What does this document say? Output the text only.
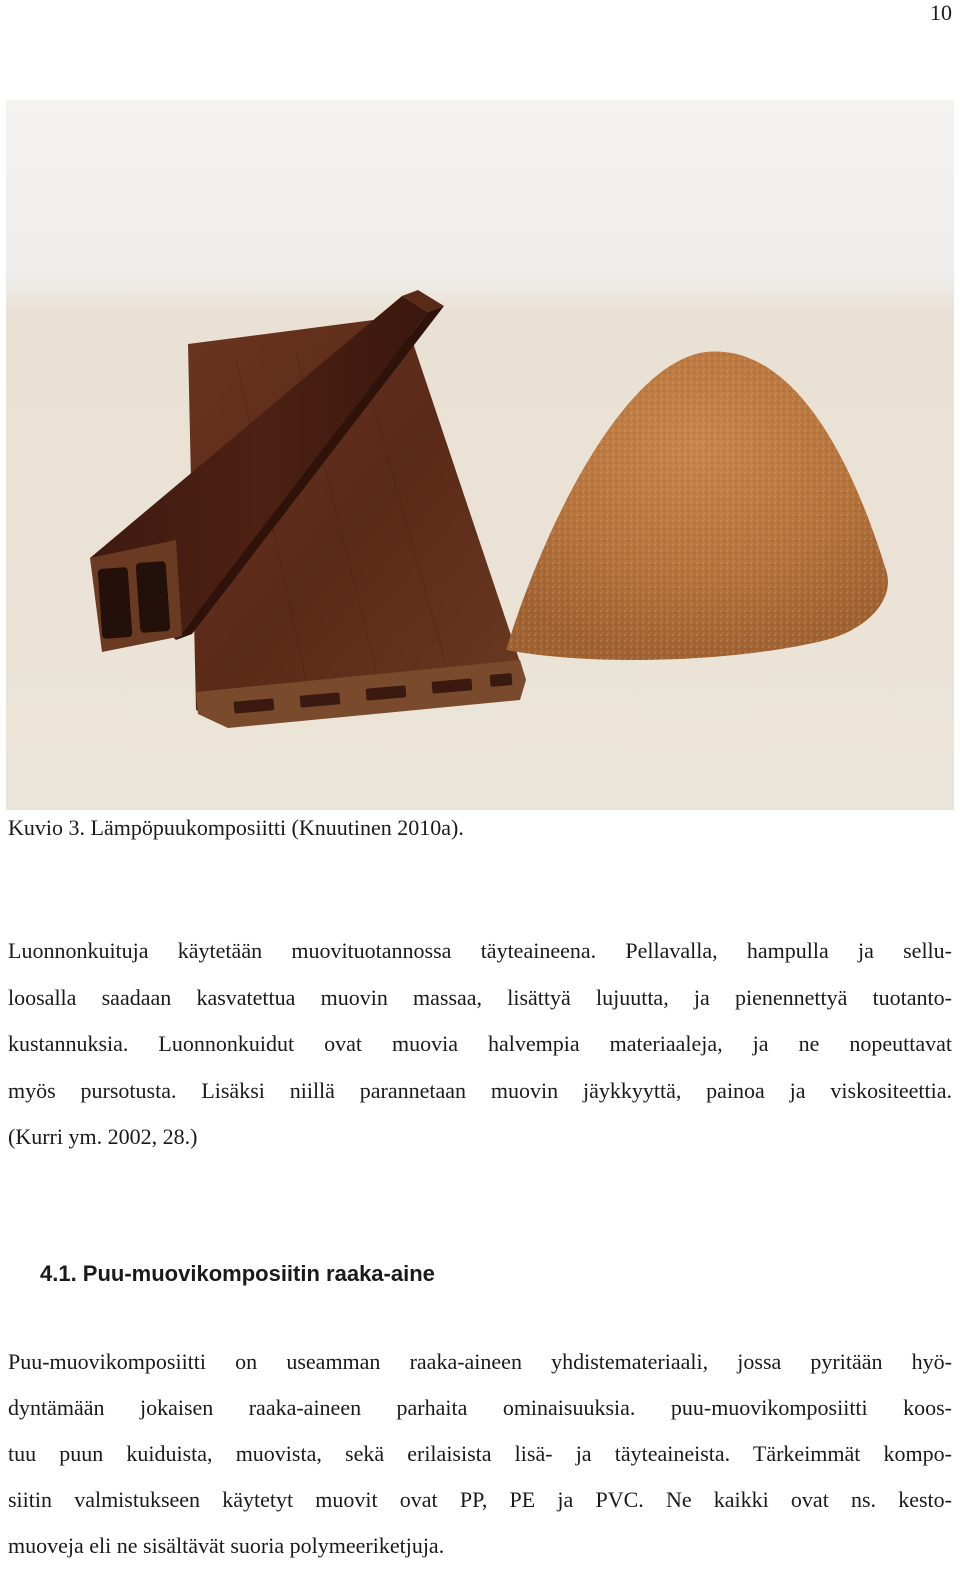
10
Kuvio 3. Lämpöpuukomposiitti (Knuutinen 2010a).
Luonnonkuituja käytetään muovituotannossa täyteaineena. Pellavalla, hampulla ja sellu-
loosalla saadaan kasvatettua muovin massaa, lisättyä lujuutta, ja pienennettyä tuotanto-
kustannuksia. Luonnonkuidut ovat muovia halvempia materiaaleja, ja ne nopeuttavat
myös pursotusta. Lisäksi niillä parannetaan muovin jäykkyyttä, painoa ja viskositeettia.
(Kurri ym. 2002, 28.)
4.1. Puu-muovikomposiitin raaka-aine
Puu-muovikomposiitti on useamman raaka-aineen yhdistemateriaali, jossa pyritään hyö-
dyntämään jokaisen raaka-aineen parhaita ominaisuuksia. puu-muovikomposiitti koos-
tuu puun kuiduista, muovista, sekä erilaisista lisä- ja täyteaineista. Tärkeimmät kompo-
siitin valmistukseen käytetyt muovit ovat PP, PE ja PVC. Ne kaikki ovat ns. kesto-
muoveja eli ne sisältävät suoria polymeeriketjuja.
